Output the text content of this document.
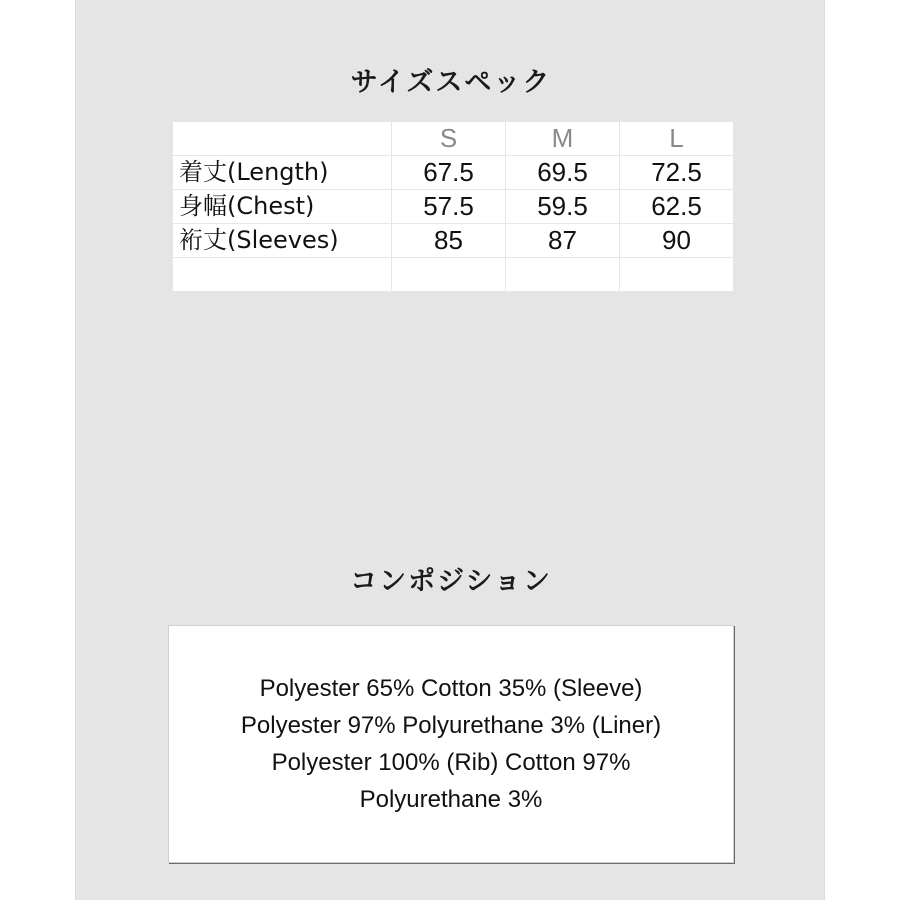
サイズスペック
	S	M	L
着丈(Length)	67.5	69.5	72.5
身幅(Chest)	57.5	59.5	62.5
裄丈(Sleeves)	85	87	90

コンポジション
Polyester 65% Cotton 35% (Sleeve)
Polyester 97% Polyurethane 3% (Liner)
Polyester 100% (Rib) Cotton 97%
Polyurethane 3%
